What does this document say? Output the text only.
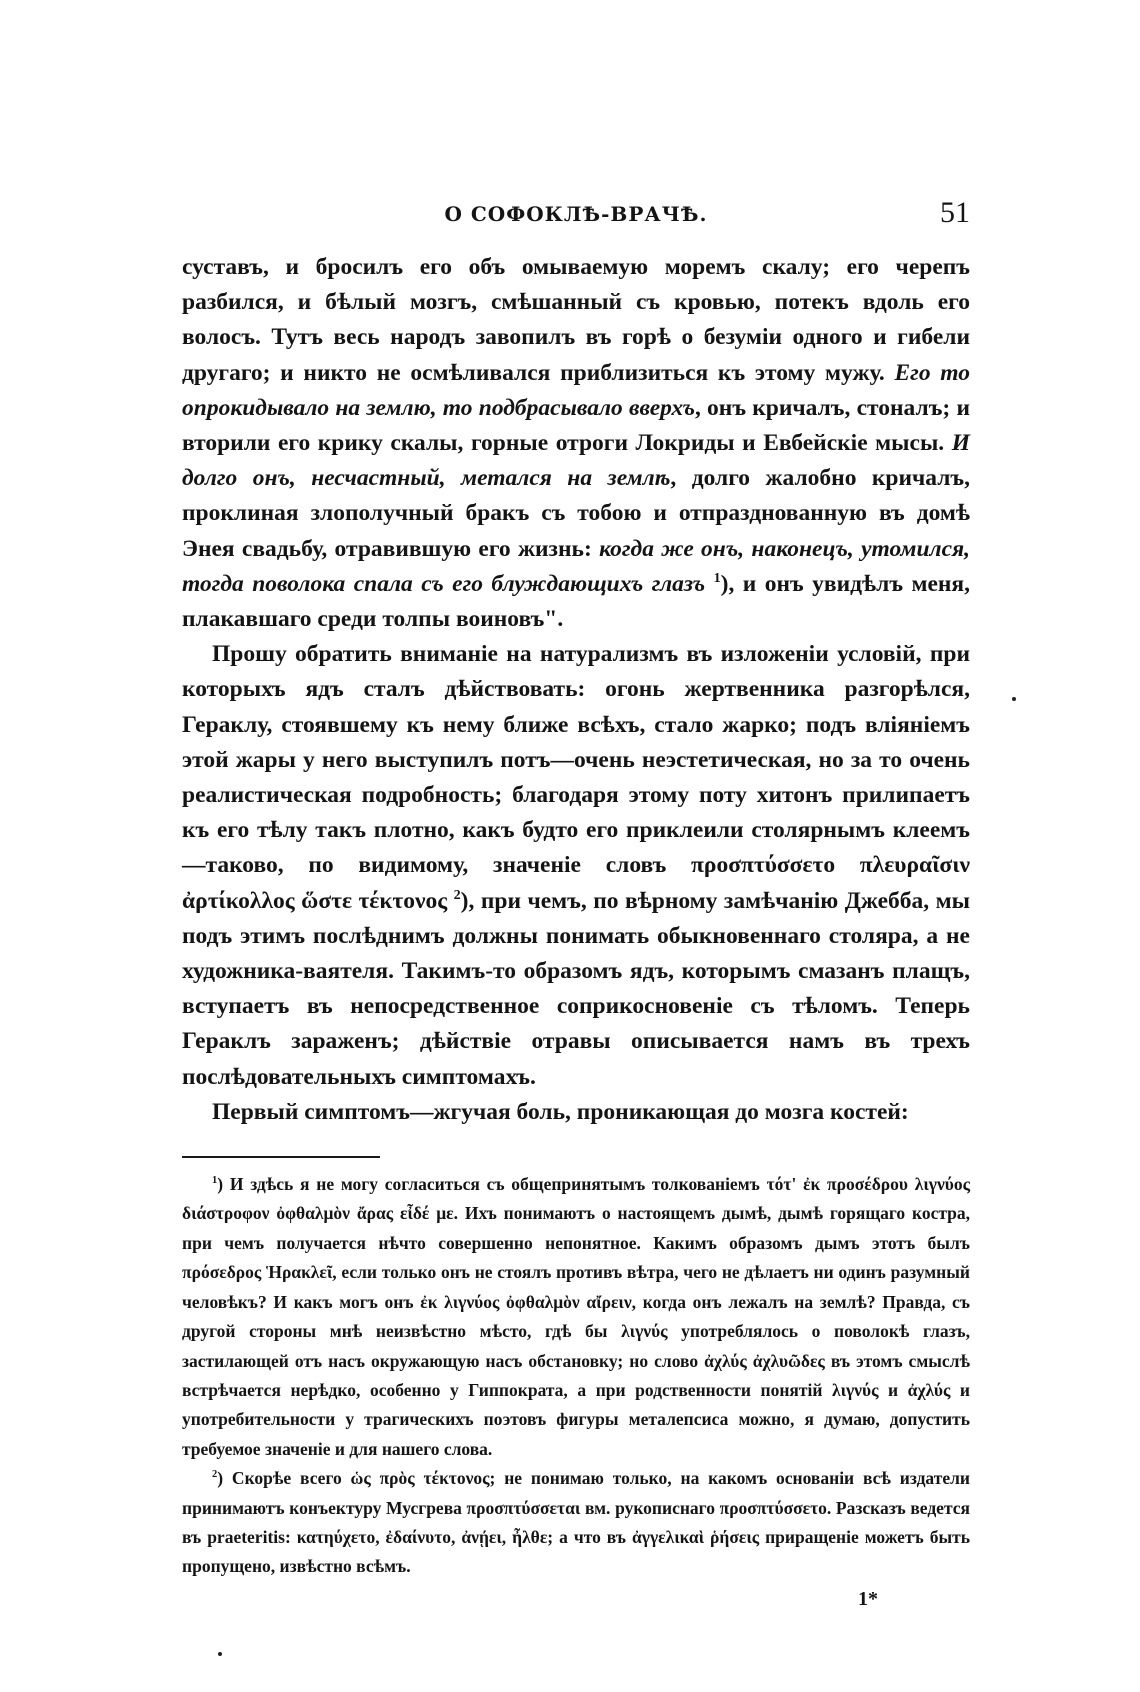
О СОФОКЛѢ-ВРАЧѢ.	51

суставъ, и бросилъ его объ омываемую моремъ скалу; его черепъ разбился, и бѣлый мозгъ, смѣшанный съ кровью, потекъ вдоль его волосъ. Тутъ весь народъ завопилъ въ горѣ о безуміи одного и гибели другаго; и никто не осмѣливался приблизиться къ этому мужу. Его то опрокидывало на землю, то подбрасывало вверхъ, онъ кричалъ, стоналъ; и вторили его крику скалы, горные отроги Локриды и Евбейскіе мысы. И долго онъ, несчастный, метался на землѣ, долго жалобно кричалъ, проклиная злополучный бракъ съ тобою и отпразднованную въ домѣ Энея свадьбу, отравившую его жизнь: когда же онъ, наконецъ, утомился, тогда поволока спала съ его блуждающихъ глазъ $^1$), и онъ увидѣлъ меня, плакавшаго среди толпы воиновъ".

Прошу обратить вниманіе на натурализмъ въ изложеніи условій, при которыхъ ядъ сталъ дѣйствовать: огонь жертвенника разгорѣлся, Гераклу, стоявшему къ нему ближе всѣхъ, стало жарко; подъ вліяніемъ этой жары у него выступилъ потъ—очень неэстетическая, но за то очень реалистическая подробность; благодаря этому поту хитонъ прилипаетъ къ его тѣлу такъ плотно, какъ будто его приклеили столярнымъ клеемъ—таково, по видимому, значеніе словъ προσπτύσσετο πλευραῖσιν ἀρτίκολλος ὥστε τέκτονος $^2$), при чемъ, по вѣрному замѣчанію Джебба, мы подъ этимъ послѣднимъ должны понимать обыкновеннаго столяра, а не художника-ваятеля. Такимъ-то образомъ ядъ, которымъ смазанъ плащъ, вступаетъ въ непосредственное соприкосновеніе съ тѣломъ. Теперь Гераклъ зараженъ; дѣйствіе отравы описывается намъ въ трехъ послѣдовательныхъ симптомахъ.

Первый симптомъ—жгучая боль, проникающая до мозга костей:

$^1$) И здѣсь я не могу согласиться съ общепринятымъ толкованіемъ τότ' ἐκ προσέδρου λιγνύος διάστροφον ὀφθαλμὸν ἄρας εἶδέ με. Ихъ понимаютъ о настоящемъ дымѣ, дымѣ горящаго костра, при чемъ получается нѣчто совершенно непонятное. Какимъ образомъ дымъ этотъ былъ πρόσεδρος Ἡρακλεῖ, если только онъ не стоялъ противъ вѣтра, чего не дѣлаетъ ни одинъ разумный человѣкъ? И какъ могъ онъ ἐκ λιγνύος ὀφθαλμὸν αἴρειν, когда онъ лежалъ на землѣ? Правда, съ другой стороны мнѣ неизвѣстно мѣсто, гдѣ бы λιγνύς употреблялось о поволокѣ глазъ, застилающей отъ насъ окружающую насъ обстановку; но слово ἀχλύς ἀχλυῶδες въ этомъ смыслѣ встрѣчается нерѣдко, особенно у Гиппократа, а при родственности понятій λιγνύς и ἀχλύς и употребительности у трагическихъ поэтовъ фигуры металепсиса можно, я думаю, допустить требуемое значеніе и для нашего слова.

$^2$) Скорѣе всего ὡς πρὸς τέκτονος; не понимаю только, на какомъ основаніи всѣ издатели принимаютъ конъектуру Мусгрева προσπτύσσεται вм. рукописнаго προσπτύσσετο. Разсказъ ведется въ praeteritis: κατηύχετο, ἐδαίνυτο, ἀνῄει, ἦλθε; а что въ ἀγγελικαὶ ῥήσεις приращеніе можетъ быть пропущено, извѣстно всѣмъ.

1*
